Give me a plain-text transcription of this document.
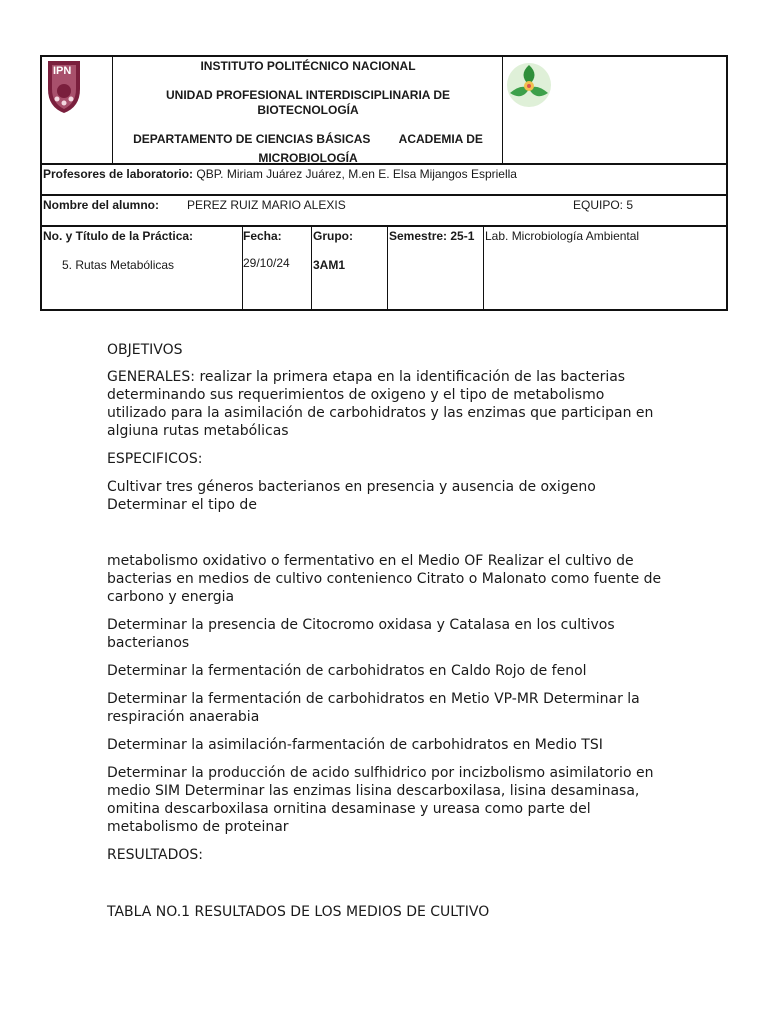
IPN	INSTITUTO POLITÉCNICO NACIONAL
UNIDAD PROFESIONAL INTERDISCIPLINARIA DE BIOTECNOLOGÍA
DEPARTAMENTO DE CIENCIAS BÁSICAS ACADEMIA DE
MICROBIOLOGÍA
Profesores de laboratorio: QBP. Miriam Juárez Juárez, M.en E. Elsa Mijangos Espriella
Nombre del alumno: PEREZ RUIZ MARIO ALEXIS	EQUIPO: 5
No. y Título de la Práctica:
5. Rutas Metabólicas
Fecha:
29/10/24
Grupo:
3AM1
Semestre: 25-1 Lab. Microbiología Ambiental
OBJETIVOS
GENERALES: realizar la primera etapa en la identificación de las bacterias determinando sus requerimientos de oxigeno y el tipo de metabolismo utilizado para la asimilación de carbohidratos y las enzimas que participan en algiuna rutas metabólicas
ESPECIFICOS:
Cultivar tres géneros bacterianos en presencia y ausencia de oxigeno Determinar el tipo de
metabolismo oxidativo o fermentativo en el Medio OF Realizar el cultivo de bacterias en medios de cultivo conteniencо Citrato o Malonato como fuente de carbono y energia
Determinar la presencia de Citocromo oxidasa y Catalasa en los cultivos bacterianos
Determinar la fermentación de carbohidratos en Caldo Rojo de fenol
Determinar la fermentación de carbohidratos en Metio VP-MR Determinar la respiración anaerabia
Determinar la asimilación-farmentación de carbohidratos en Medio TSI
Determinar la producción de acido sulfhidrico por incizbolismo asimilatorio en medio SIM Determinar las enzimas lisina descarboxilasa, lisina desaminasa, omitina descarboxilasa ornitina desaminase y ureasa como parte del metabolismo de proteinar
RESULTADOS:
TABLA NO.1 RESULTADOS DE LOS MEDIOS DE CULTIVO
